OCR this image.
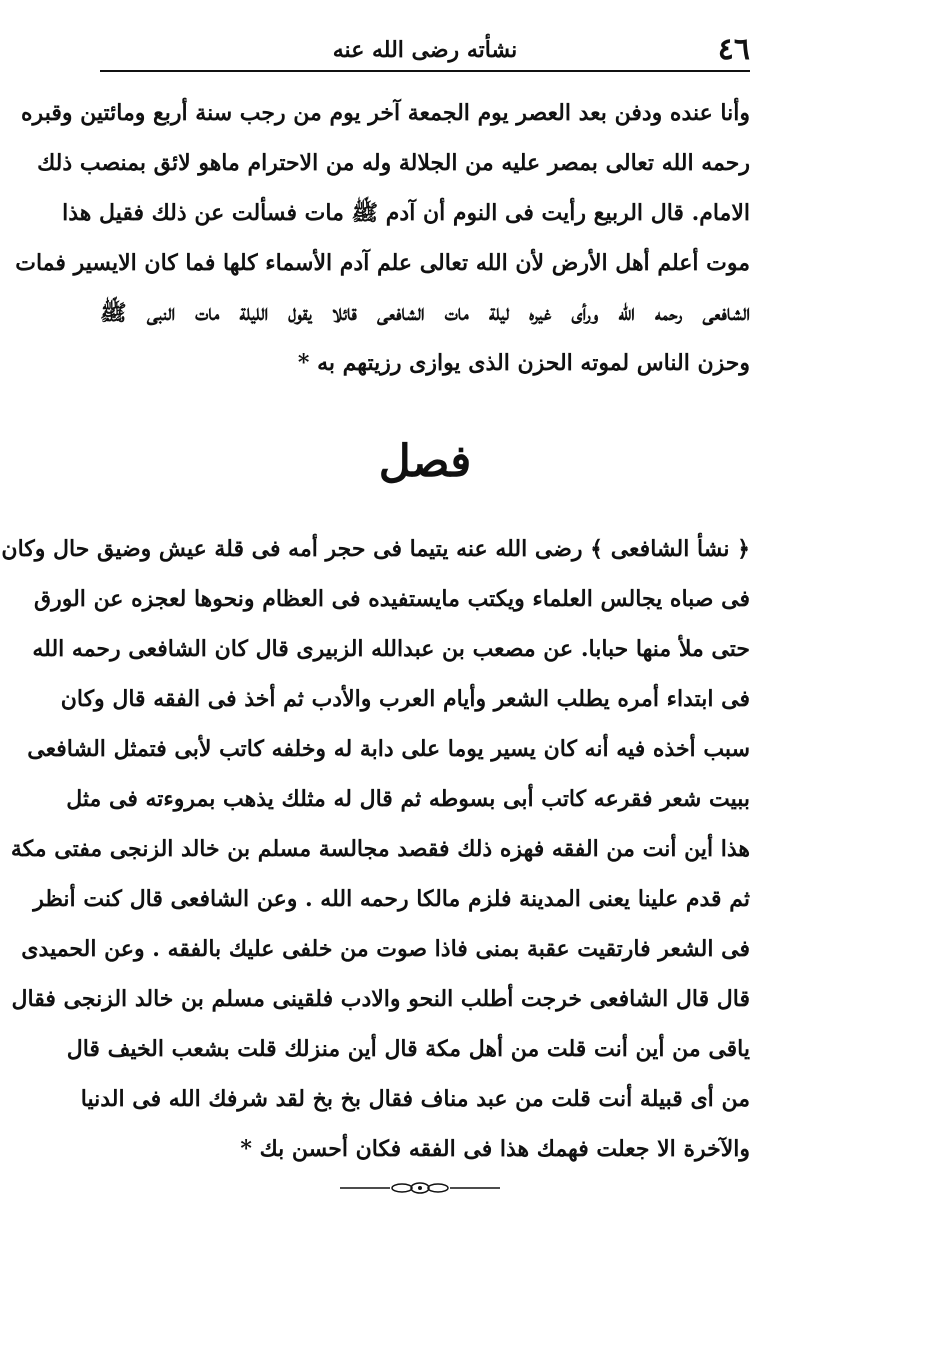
٤٦
نشأته رضى الله عنه
وأنا عنده ودفن بعد العصر يوم الجمعة آخر يوم من رجب سنة أربع ومائتين وقبره
رحمه الله تعالى بمصر عليه من الجلالة وله من الاحترام ماهو لائق بمنصب ذلك
الامام. قال الربيع رأيت فى النوم أن آدم ﷺ مات فسألت عن ذلك فقيل هذا
موت أعلم أهل الأرض لأن الله تعالى علم آدم الأسماء كلها فما كان الايسير فمات
الشافعى رحمه الله ورأى غيره ليلة مات الشافعى قائلا يقول الليلة مات النبى ﷺ
وحزن الناس لموته الحزن الذى يوازى رزيتهم به *
فصل
﴿ نشأ الشافعى ﴾ رضى الله عنه يتيما فى حجر أمه فى قلة عيش وضيق حال وكان
فى صباه يجالس العلماء ويكتب مايستفيده فى العظام ونحوها لعجزه عن الورق
حتى ملأ منها حبابا. عن مصعب بن عبدالله الزبيرى قال كان الشافعى رحمه الله
فى ابتداء أمره يطلب الشعر وأيام العرب والأدب ثم أخذ فى الفقه قال وكان
سبب أخذه فيه أنه كان يسير يوما على دابة له وخلفه كاتب لأبى فتمثل الشافعى
ببيت شعر فقرعه كاتب أبى بسوطه ثم قال له مثلك يذهب بمروءته فى مثل
هذا أين أنت من الفقه فهزه ذلك فقصد مجالسة مسلم بن خالد الزنجى مفتى مكة
ثم قدم علينا يعنى المدينة فلزم مالكا رحمه الله . وعن الشافعى قال كنت أنظر
فى الشعر فارتقيت عقبة بمنى فاذا صوت من خلفى عليك بالفقه . وعن الحميدى
قال قال الشافعى خرجت أطلب النحو والادب فلقينى مسلم بن خالد الزنجى فقال
ياقى من أين أنت قلت من أهل مكة قال أين منزلك قلت بشعب الخيف قال
من أى قبيلة أنت قلت من عبد مناف فقال بخ بخ لقد شرفك الله فى الدنيا
والآخرة الا جعلت فهمك هذا فى الفقه فكان أحسن بك *
